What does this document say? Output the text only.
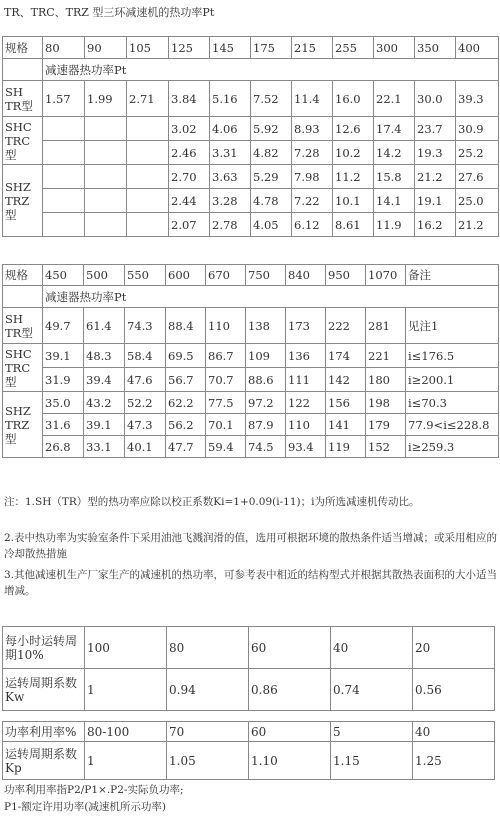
TR、TRC、TRZ 型三环减速机的热功率Pt
规格	80	90	105	125	145	175	215	255	300	350	400
	减速器热功率Pt										
SH TR型	1.57	1.99	2.71	3.84	5.16	7.52	11.4	16.0	22.1	30.0	39.3
SHC TRC型				3.02	4.06	5.92	8.93	12.6	17.4	23.7	30.9
				2.46	3.31	4.82	7.28	10.2	14.2	19.3	25.2
SHZ TRZ型				2.70	3.63	5.29	7.98	11.2	15.8	21.2	27.6
				2.44	3.28	4.78	7.22	10.1	14.1	19.1	25.0
				2.07	2.78	4.05	6.12	8.61	11.9	16.2	21.2
规格	450	500	550	600	670	750	840	950	1070	备注
	减速器热功率Pt									
SH TR型	49.7	61.4	74.3	88.4	110	138	173	222	281	见注1
SHC TRC型	39.1	48.3	58.4	69.5	86.7	109	136	174	221	i≤176.5
	31.9	39.4	47.6	56.7	70.7	88.6	111	142	180	i≥200.1
SHZ TRZ型	35.0	43.2	52.2	62.2	77.5	97.2	122	156	198	i≤70.3
	31.6	39.1	47.3	56.2	70.1	87.9	110	141	179	77.9<i≤228.8
	26.8	33.1	40.1	47.7	59.4	74.5	93.4	119	152	i≥259.3
注：1.SH（TR）型的热功率应除以校正系数Ki=1+0.09(i-11)；i为所选减速机传动比。
2.表中热功率为实验室条件下采用油池飞溅润滑的值，选用可根据环境的散热条件适当增减；或采用相应的冷却散热措施
3.其他减速机生产厂家生产的减速机的热功率，可参考表中相近的结构型式并根据其散热表面积的大小适当增减。
每小时运转周期10%	100	80	60	40	20
运转周期系数Kw	1	0.94	0.86	0.74	0.56
功率利用率%	80-100	70	60	5	40
运转周期系数Kp	1	1.05	1.10	1.15	1.25
功率利用率指P2/P1×.P2-实际负功率;
P1-额定许用功率(减速机所示功率)
